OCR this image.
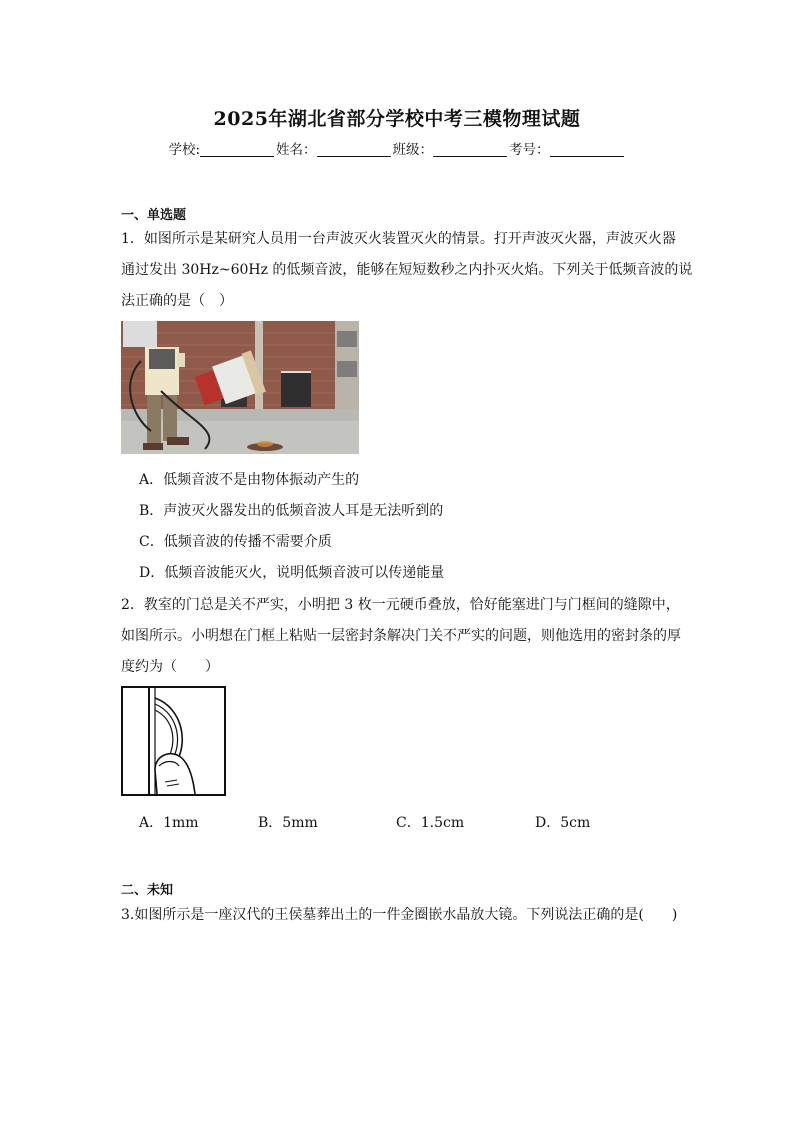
2025年湖北省部分学校中考三模物理试题
学校:	姓名：	班级：	考号：
一、单选题
1．如图所示是某研究人员用一台声波灭火装置灭火的情景。打开声波灭火器，声波灭火器
通过发出 30Hz~60Hz 的低频音波，能够在短短数秒之内扑灭火焰。下列关于低频音波的说
法正确的是（　）
A．低频音波不是由物体振动产生的
B．声波灭火器发出的低频音波人耳是无法听到的
C．低频音波的传播不需要介质
D．低频音波能灭火，说明低频音波可以传递能量
2．教室的门总是关不严实，小明把 3 枚一元硬币叠放，恰好能塞进门与门框间的缝隙中，
如图所示。小明想在门框上粘贴一层密封条解决门关不严实的问题，则他选用的密封条的厚
度约为（　　）
A．1mm	B．5mm	C．1.5cm	D．5cm
二、未知
3.如图所示是一座汉代的王侯墓葬出土的一件金圈嵌水晶放大镜。下列说法正确的是(　　)
